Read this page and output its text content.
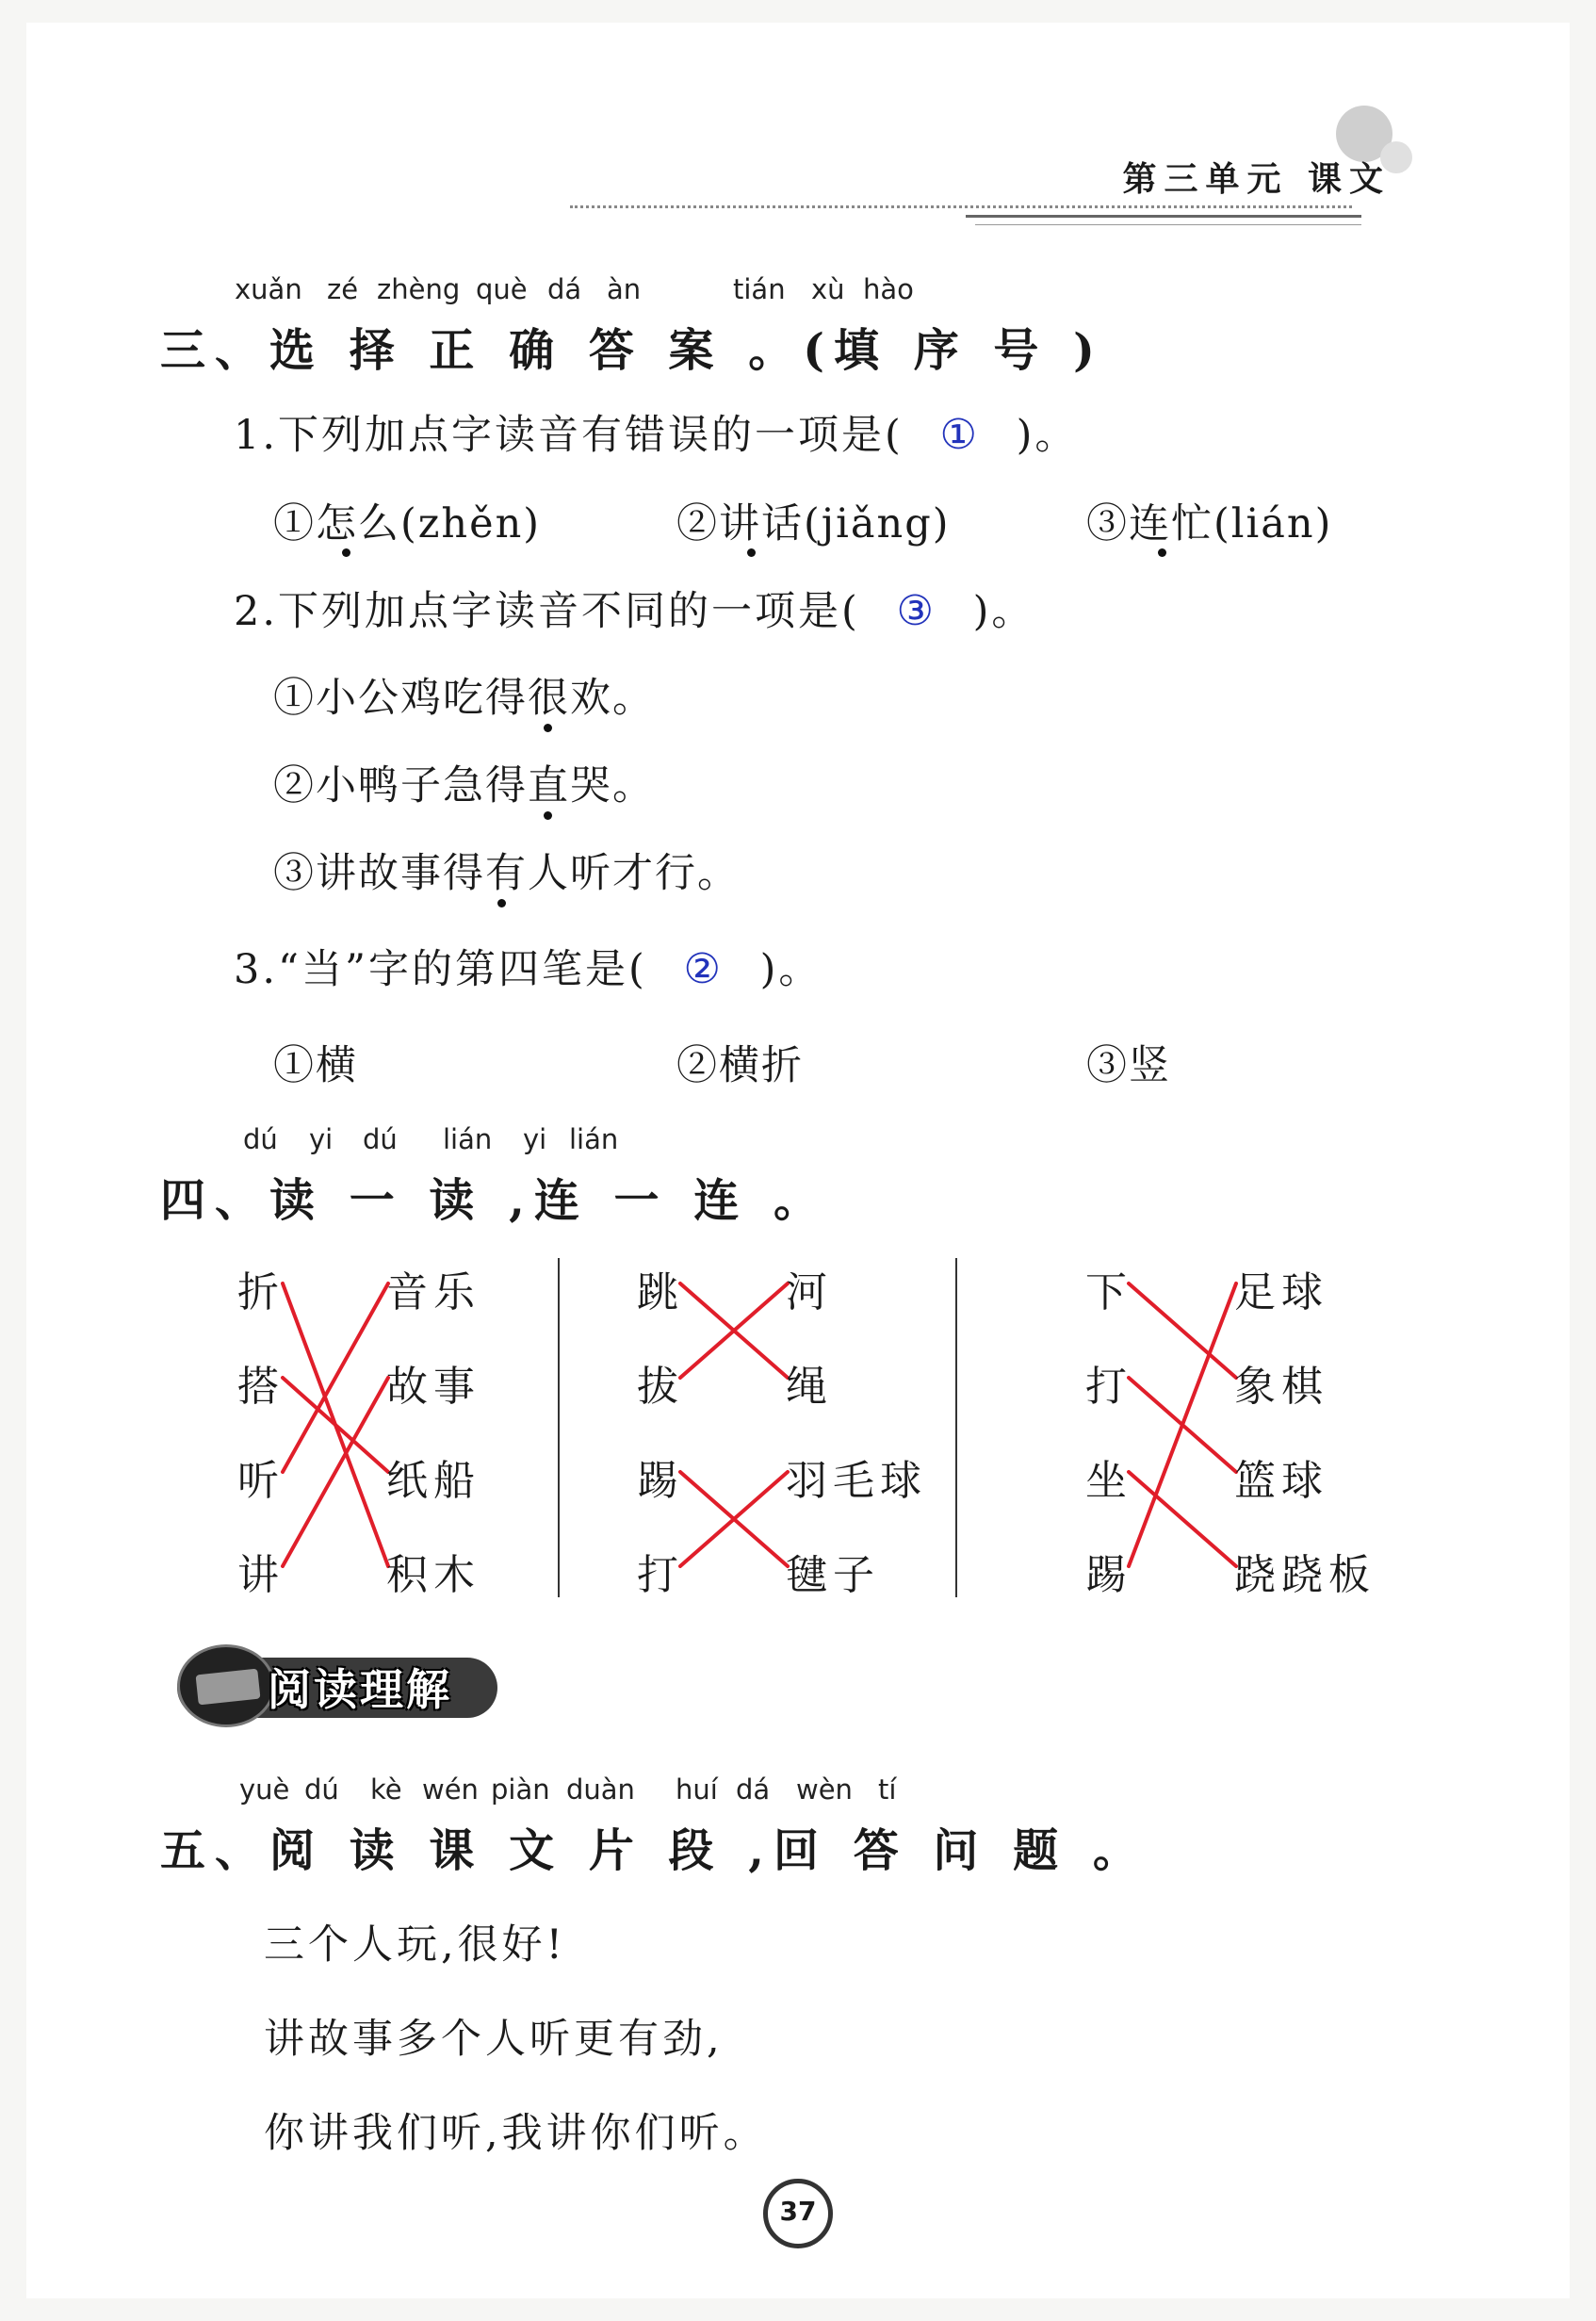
第三单元 课文
xuǎn zé zhèng què dá àn	tián xù hào
三、选 择 正 确 答 案 。(填 序 号 )
1.下列加点字读音有错误的一项是( ① )。
①怎么(zhěn)	②讲话(jiǎng)	③连忙(lián)
2.下列加点字读音不同的一项是( ③ )。
①小公鸡吃得很欢。
②小鸭子急得直哭。
③讲故事得有人听才行。
3.“当”字的第四笔是( ② )。
①横	②横折	③竖
dú yi dú lián yi lián
四、读 一 读 ,连 一 连 。
折
搭
听
讲
音乐
故事
纸船
积木
跳
拔
踢
打
河
绳
羽毛球
毽子
下
打
坐
踢
足球
象棋
篮球
跷跷板
阅读理解
yuè dú kè wén piàn duàn huí dá wèn tí
五、阅 读 课 文 片 段 ,回 答 问 题 。
三个人玩,很好!
讲故事多个人听更有劲,
你讲我们听,我讲你们听。
37
